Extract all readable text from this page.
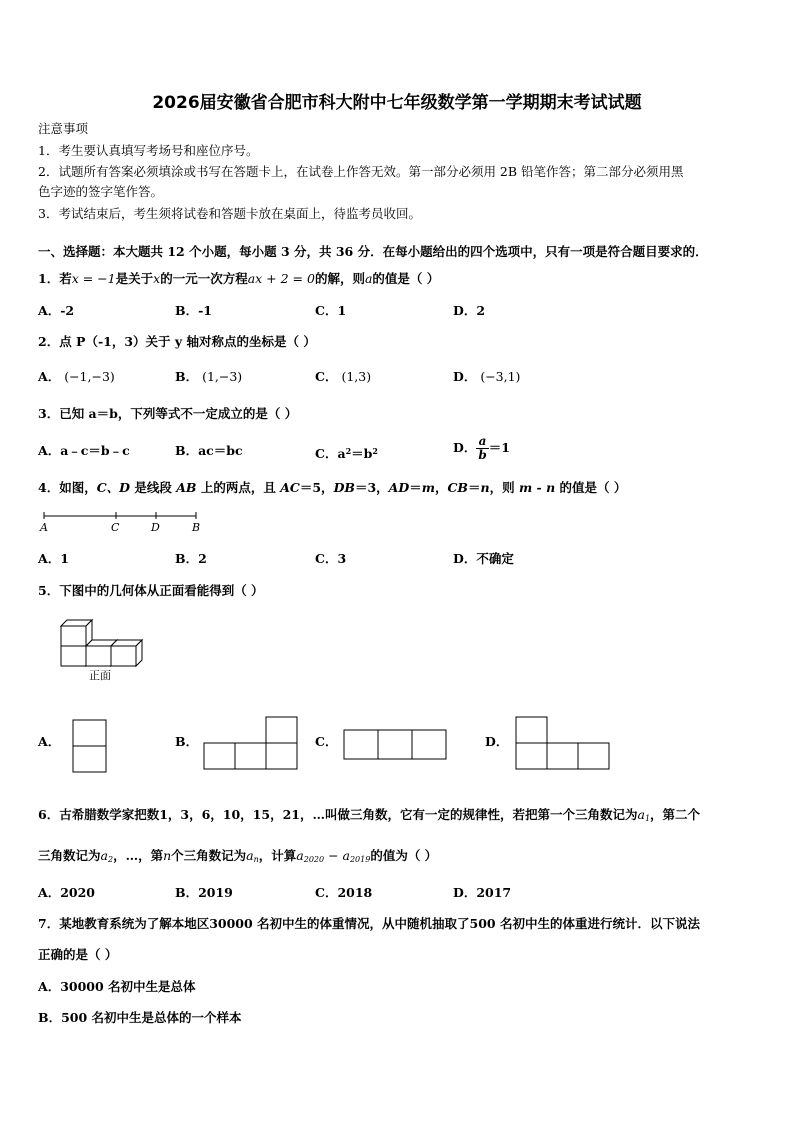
2026届安徽省合肥市科大附中七年级数学第一学期期末考试试题
注意事项
1．考生要认真填写考场号和座位序号。
2．试题所有答案必须填涂或书写在答题卡上，在试卷上作答无效。第一部分必须用 2B 铅笔作答；第二部分必须用黑
色字迹的签字笔作答。
3．考试结束后，考生须将试卷和答题卡放在桌面上，待监考员收回。
一、选择题：本大题共 12 个小题，每小题 3 分，共 36 分．在每小题给出的四个选项中，只有一项是符合题目要求的．
1．若x = −1是关于x的一元一次方程ax + 2 = 0的解，则a的值是（ ）
A．-2	B．-1	C．1	D．2
2．点 P（-1，3）关于 y 轴对称点的坐标是（ ）
A． (−1,−3)	B． (1,−3)	C． (1,3)	D． (−3,1)
3．已知 a＝b，下列等式不一定成立的是（ ）
A．a﹣c＝b﹣c	B．ac＝bc	C．$a^2=b^2$	D． $\frac{a}{b} =1$
4．如图，C、D 是线段 AB 上的两点，且 AC＝5，DB＝3，AD＝m，CB＝n，则 m - n 的值是（ ）
A	C	D	B
A．1	B．2	C．3	D．不确定
5．下图中的几何体从正面看能得到（ ）
正面
A．	B．	C．	D．
6．古希腊数学家把数1，3，6，10，15，21，…叫做三角数，它有一定的规律性，若把第一个三角数记为$a_1$，第二个
三角数记为$a_2$，…，第n个三角数记为$a_n$，计算$a_{2020} - a_{2019}$的值为（ ）
A．2020	B．2019	C．2018	D．2017
7．某地教育系统为了解本地区30000 名初中生的体重情况，从中随机抽取了500 名初中生的体重进行统计．以下说法
正确的是（ ）
A．30000 名初中生是总体
B．500 名初中生是总体的一个样本
